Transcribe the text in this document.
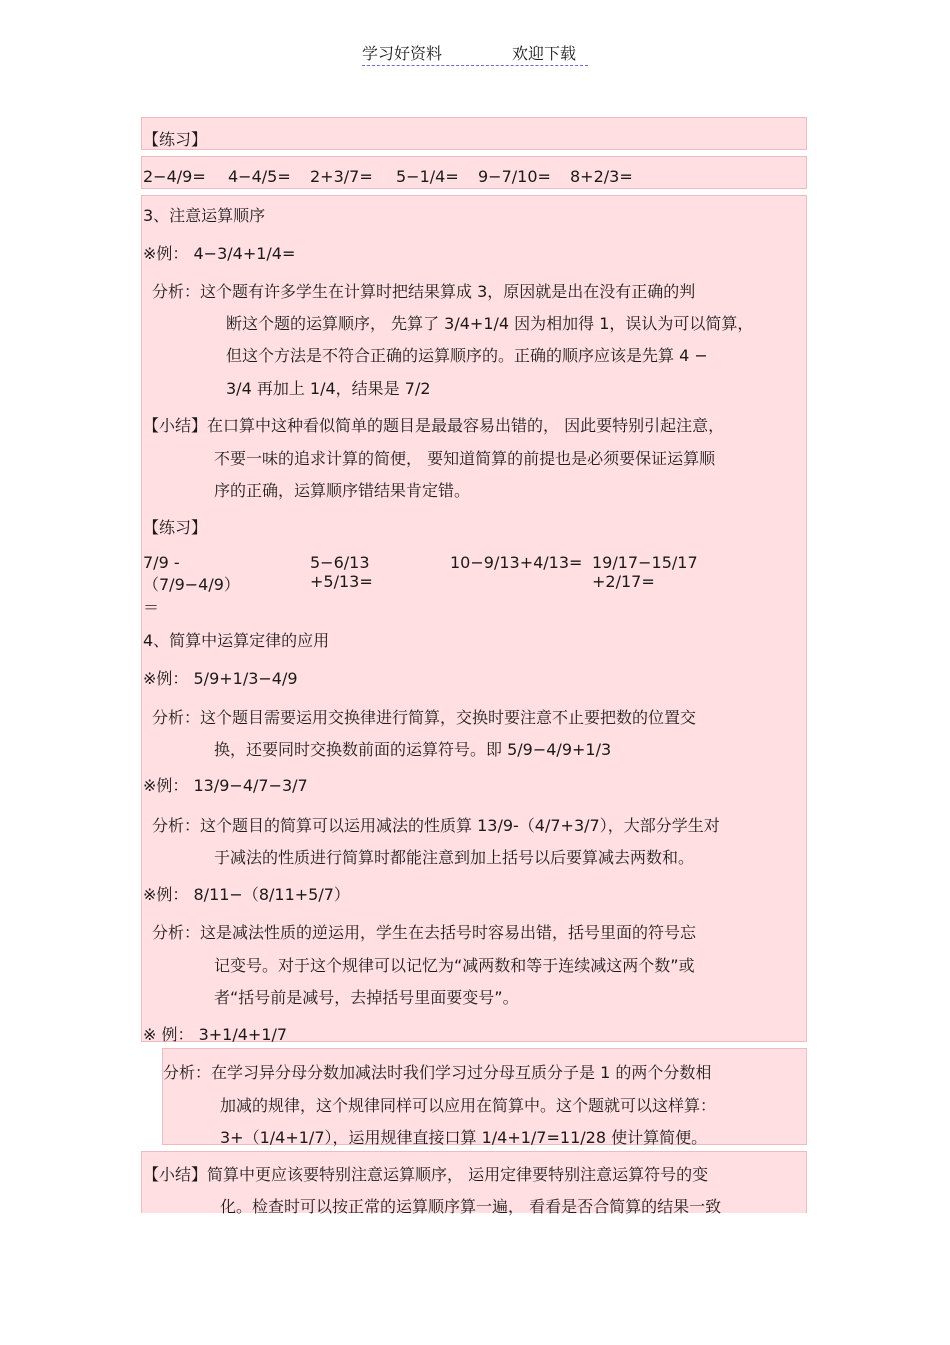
学习好资料	欢迎下载
【练习】
2−4/9= 4−4/5= 2+3/7= 5−1/4= 9−7/10= 8+2/3=
3、注意运算顺序
※例： 4−3/4+1/4=
分析：这个题有许多学生在计算时把结果算成 3，原因就是出在没有正确的判
断这个题的运算顺序， 先算了 3/4+1/4 因为相加得 1，误认为可以简算，
但这个方法是不符合正确的运算顺序的。正确的顺序应该是先算 4 −
3/4 再加上 1/4，结果是 7/2
【小结】在口算中这种看似简单的题目是最最容易出错的， 因此要特别引起注意，
不要一味的追求计算的简便， 要知道简算的前提也是必须要保证运算顺
序的正确，运算顺序错结果肯定错。
【练习】
7/9 -（7/9−4/9）＝
5−6/13 +5/13=
10−9/13+4/13= 19/17−15/17 +2/17=
4、简算中运算定律的应用
※例： 5/9+1/3−4/9
分析：这个题目需要运用交换律进行简算，交换时要注意不止要把数的位置交
换，还要同时交换数前面的运算符号。即 5/9−4/9+1/3
※例： 13/9−4/7−3/7
分析：这个题目的简算可以运用减法的性质算 13/9-（4/7+3/7），大部分学生对
于减法的性质进行简算时都能注意到加上括号以后要算减去两数和。
※例： 8/11−（8/11+5/7）
分析：这是减法性质的逆运用，学生在去括号时容易出错，括号里面的符号忘
记变号。对于这个规律可以记忆为“减两数和等于连续减这两个数”或
者“括号前是减号，去掉括号里面要变号”。
※ 例： 3+1/4+1/7
分析：在学习异分母分数加减法时我们学习过分母互质分子是 1 的两个分数相
加减的规律，这个规律同样可以应用在简算中。这个题就可以这样算：
3+（1/4+1/7），运用规律直接口算 1/4+1/7=11/28 使计算简便。
【小结】简算中更应该要特别注意运算顺序， 运用定律要特别注意运算符号的变
化。检查时可以按正常的运算顺序算一遍， 看看是否合简算的结果一致
